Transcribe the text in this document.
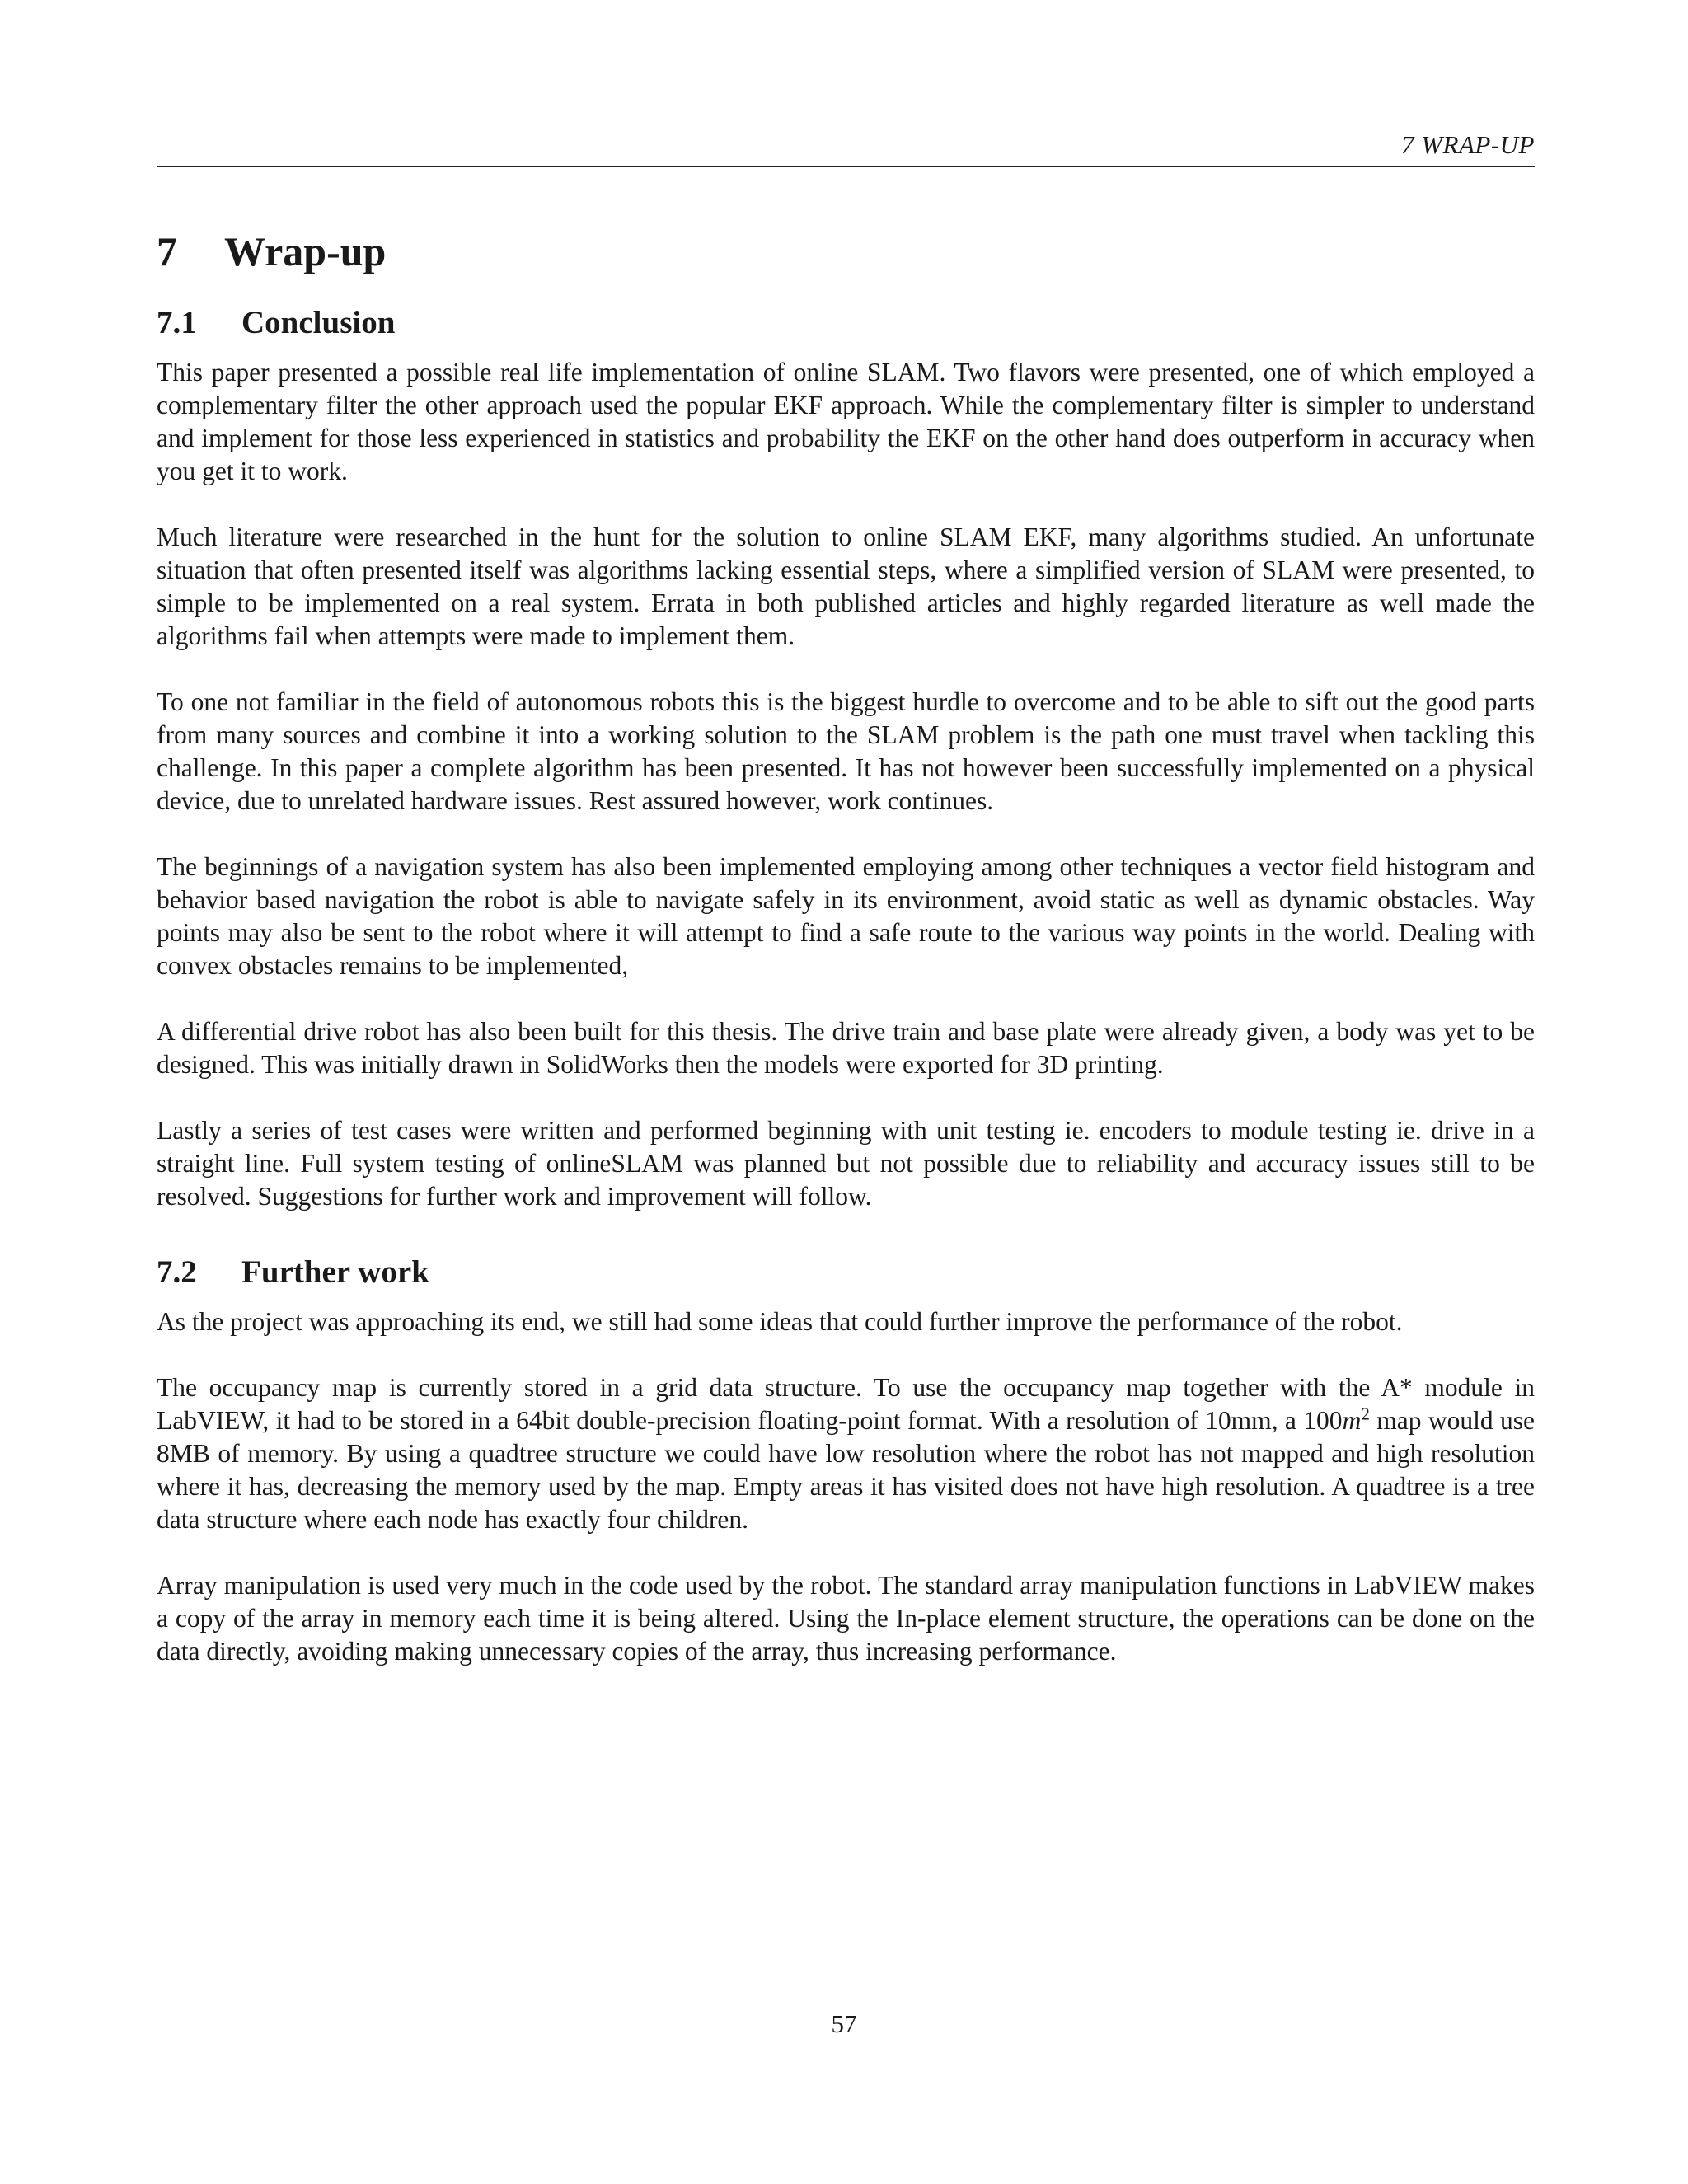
7 WRAP-UP
7 Wrap-up
7.1 Conclusion

This paper presented a possible real life implementation of online SLAM. Two flavors were presented, one of which employed a complementary filter the other approach used the popular EKF approach. While the complementary filter is simpler to understand and implement for those less experienced in statistics and probability the EKF on the other hand does outperform in accuracy when you get it to work.

Much literature were researched in the hunt for the solution to online SLAM EKF, many algorithms studied. An unfortunate situation that often presented itself was algorithms lacking essential steps, where a simplified version of SLAM were presented, to simple to be implemented on a real system. Errata in both published articles and highly regarded literature as well made the algorithms fail when attempts were made to implement them.

To one not familiar in the field of autonomous robots this is the biggest hurdle to overcome and to be able to sift out the good parts from many sources and combine it into a working solution to the SLAM problem is the path one must travel when tackling this challenge. In this paper a complete algorithm has been presented. It has not however been successfully implemented on a physical device, due to unrelated hardware issues. Rest assured however, work continues.

The beginnings of a navigation system has also been implemented employing among other techniques a vector field histogram and behavior based navigation the robot is able to navigate safely in its environment, avoid static as well as dynamic obstacles. Way points may also be sent to the robot where it will attempt to find a safe route to the various way points in the world. Dealing with convex obstacles remains to be implemented,

A differential drive robot has also been built for this thesis. The drive train and base plate were already given, a body was yet to be designed. This was initially drawn in SolidWorks then the models were exported for 3D printing.

Lastly a series of test cases were written and performed beginning with unit testing ie. encoders to module testing ie. drive in a straight line. Full system testing of onlineSLAM was planned but not possible due to reliability and accuracy issues still to be resolved. Suggestions for further work and improvement will follow.

7.2 Further work

As the project was approaching its end, we still had some ideas that could further improve the performance of the robot.

The occupancy map is currently stored in a grid data structure. To use the occupancy map together with the A* module in LabVIEW, it had to be stored in a 64bit double-precision floating-point format. With a resolution of 10mm, a $100m^2$ map would use 8MB of memory. By using a quadtree structure we could have low resolution where the robot has not mapped and high resolution where it has, decreasing the memory used by the map. Empty areas it has visited does not have high resolution. A quadtree is a tree data structure where each node has exactly four children.

Array manipulation is used very much in the code used by the robot. The standard array manipulation functions in LabVIEW makes a copy of the array in memory each time it is being altered. Using the In-place element structure, the operations can be done on the data directly, avoiding making unnecessary copies of the array, thus increasing performance.

57
